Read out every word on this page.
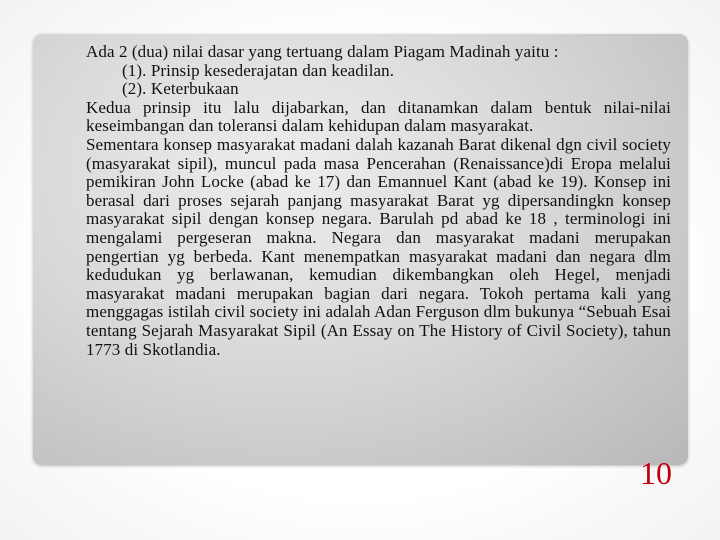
Ada 2 (dua) nilai dasar yang tertuang dalam Piagam Madinah yaitu :

(1). Prinsip kesederajatan dan keadilan.

(2). Keterbukaan

Kedua prinsip itu lalu dijabarkan, dan ditanamkan dalam bentuk nilai-nilai keseimbangan dan toleransi dalam kehidupan dalam masyarakat.

Sementara konsep masyarakat madani dalah kazanah Barat dikenal dgn civil society (masyarakat sipil), muncul pada masa Pencerahan (Renaissance)di Eropa melalui pemikiran John Locke (abad ke 17) dan Emannuel Kant (abad ke 19). Konsep ini berasal dari proses sejarah panjang masyarakat Barat yg dipersandingkn konsep masyarakat sipil dengan konsep negara. Barulah pd abad ke 18 , terminologi ini mengalami pergeseran makna. Negara dan masyarakat madani merupakan pengertian yg berbeda. Kant menempatkan masyarakat madani dan negara dlm kedudukan yg berlawanan, kemudian dikembangkan oleh Hegel, menjadi masyarakat madani merupakan bagian dari negara. Tokoh pertama kali yang menggagas istilah civil society ini adalah Adan Ferguson dlm bukunya “Sebuah Esai tentang Sejarah Masyarakat Sipil (An Essay on The History of Civil Society), tahun 1773 di Skotlandia.

10
